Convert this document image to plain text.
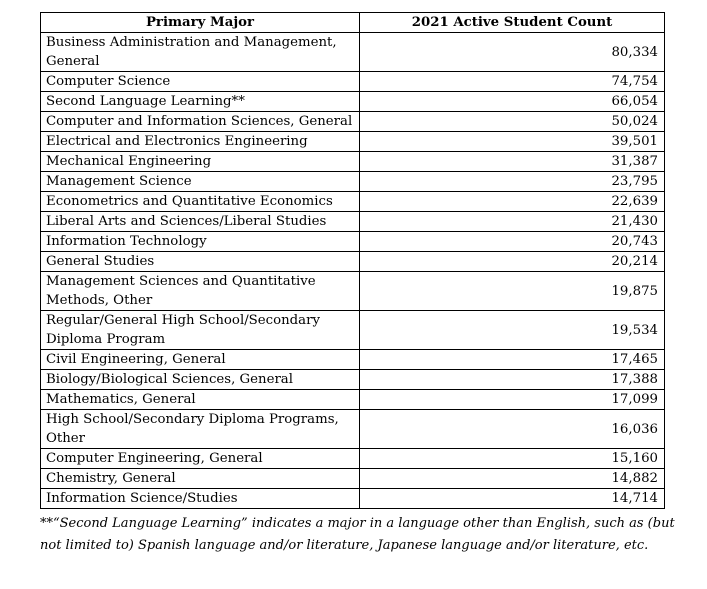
Primary Major	2021 Active Student Count
Business Administration and Management, General	80,334
Computer Science	74,754
Second Language Learning**	66,054
Computer and Information Sciences, General	50,024
Electrical and Electronics Engineering	39,501
Mechanical Engineering	31,387
Management Science	23,795
Econometrics and Quantitative Economics	22,639
Liberal Arts and Sciences/Liberal Studies	21,430
Information Technology	20,743
General Studies	20,214
Management Sciences and Quantitative Methods, Other	19,875
Regular/General High School/Secondary Diploma Program	19,534
Civil Engineering, General	17,465
Biology/Biological Sciences, General	17,388
Mathematics, General	17,099
High School/Secondary Diploma Programs, Other	16,036
Computer Engineering, General	15,160
Chemistry, General	14,882
Information Science/Studies	14,714
**“Second Language Learning” indicates a major in a language other than English, such as (but not limited to) Spanish language and/or literature, Japanese language and/or literature, etc.
